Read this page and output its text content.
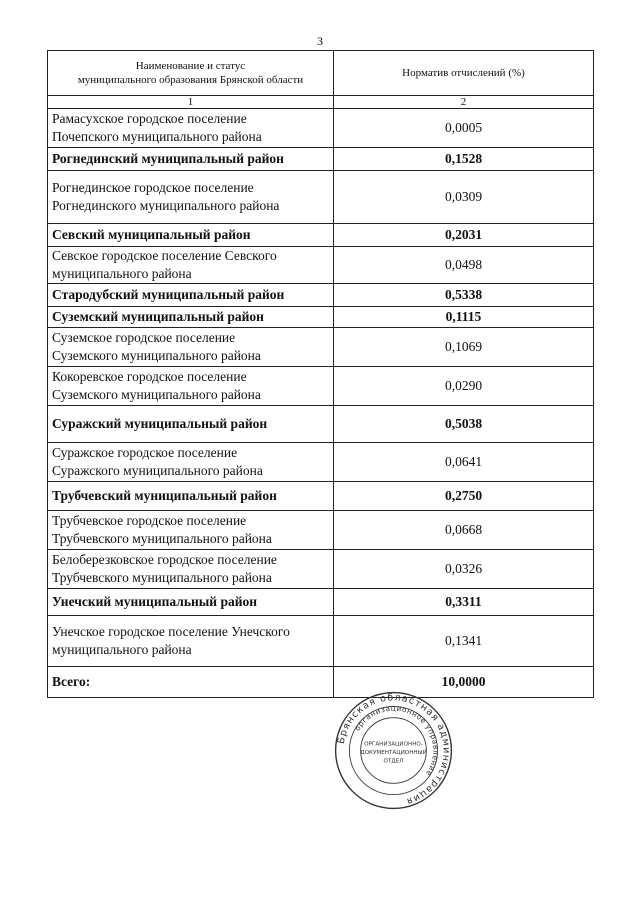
3
Наименование и статус
муниципального образования Брянской области	Норматив отчислений (%)
1	2
Рамасухское городское поселение
Почепского муниципального района	0,0005
Рогнединский муниципальный район	0,1528
Рогнединское городское поселение
Рогнединского муниципального района	0,0309
Севский муниципальный район	0,2031
Севское городское поселение Севского
муниципального района	0,0498
Стародубский муниципальный район	0,5338
Суземский муниципальный район	0,1115
Суземское городское поселение
Суземского муниципального района	0,1069
Кокоревское городское поселение
Суземского муниципального района	0,0290
Суражский муниципальный район	0,5038
Суражское городское поселение
Суражского муниципального района	0,0641
Трубчевский муниципальный район	0,2750
Трубчевское городское поселение
Трубчевского муниципального района	0,0668
Белоберезковское городское поселение
Трубчевского муниципального района	0,0326
Унечский муниципальный район	0,3311
Унечское городское поселение Унечского
муниципального района	0,1341
Всего:	10,0000
Брянская областная администрация
организационное управление
ОРГАНИЗАЦИОННО-
ДОКУМЕНТАЦИОННЫЙ
ОТДЕЛ
